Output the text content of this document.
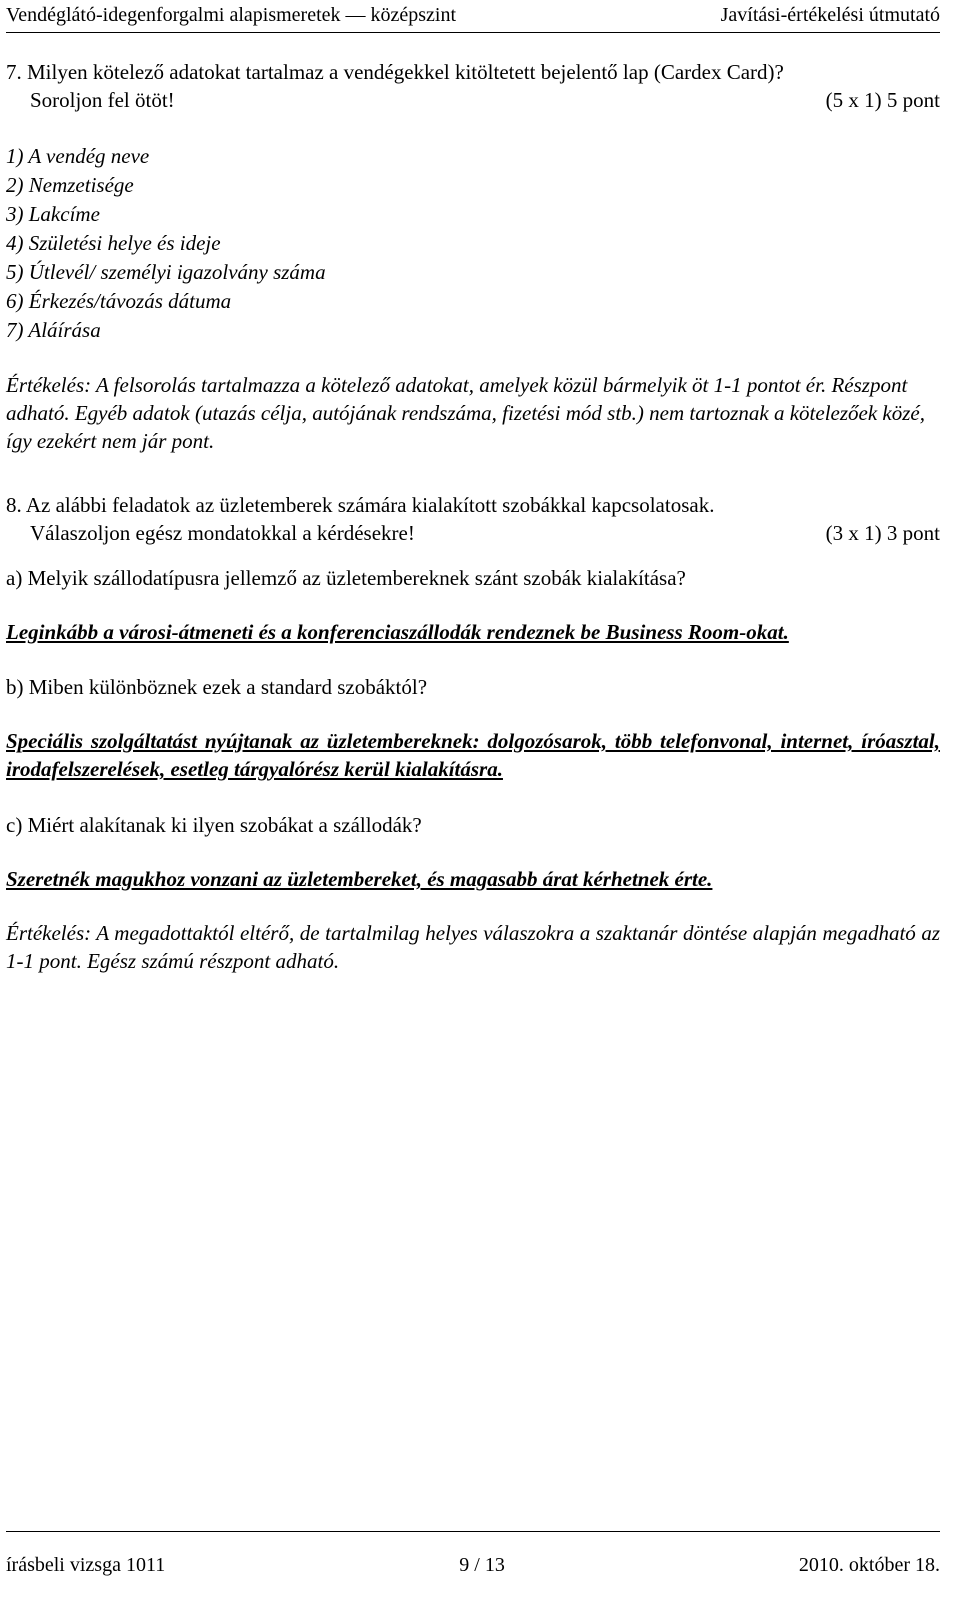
Vendéglátó-idegenforgalmi alapismeretek — középszint	Javítási-értékelési útmutató
7. Milyen kötelező adatokat tartalmaz a vendégekkel kitöltetett bejelentő lap (Cardex Card)?
Soroljon fel ötöt!	(5 x 1) 5 pont
1) A vendég neve
2) Nemzetisége
3) Lakcíme
4) Születési helye és ideje
5) Útlevél/ személyi igazolvány száma
6) Érkezés/távozás dátuma
7) Aláírása
Értékelés: A felsorolás tartalmazza a kötelező adatokat, amelyek közül bármelyik öt 1-1 pontot ér. Részpont adható. Egyéb adatok (utazás célja, autójának rendszáma, fizetési mód stb.) nem tartoznak a kötelezőek közé, így ezekért nem jár pont.
8. Az alábbi feladatok az üzletemberek számára kialakított szobákkal kapcsolatosak.
Válaszoljon egész mondatokkal a kérdésekre!	(3 x 1) 3 pont
a) Melyik szállodatípusra jellemző az üzletembereknek szánt szobák kialakítása?
Leginkább a városi-átmeneti és a konferenciaszállodák rendeznek be Business Room-okat.
b) Miben különböznek ezek a standard szobáktól?
Speciális szolgáltatást nyújtanak az üzletembereknek: dolgozósarok, több telefonvonal, internet, íróasztal, irodafelszerelések, esetleg tárgyalórész kerül kialakításra.
c) Miért alakítanak ki ilyen szobákat a szállodák?
Szeretnék magukhoz vonzani az üzletembereket, és magasabb árat kérhetnek érte.
Értékelés: A megadottaktól eltérő, de tartalmilag helyes válaszokra a szaktanár döntése alapján megadható az 1-1 pont. Egész számú részpont adható.
írásbeli vizsga 1011	9 / 13	2010. október 18.
